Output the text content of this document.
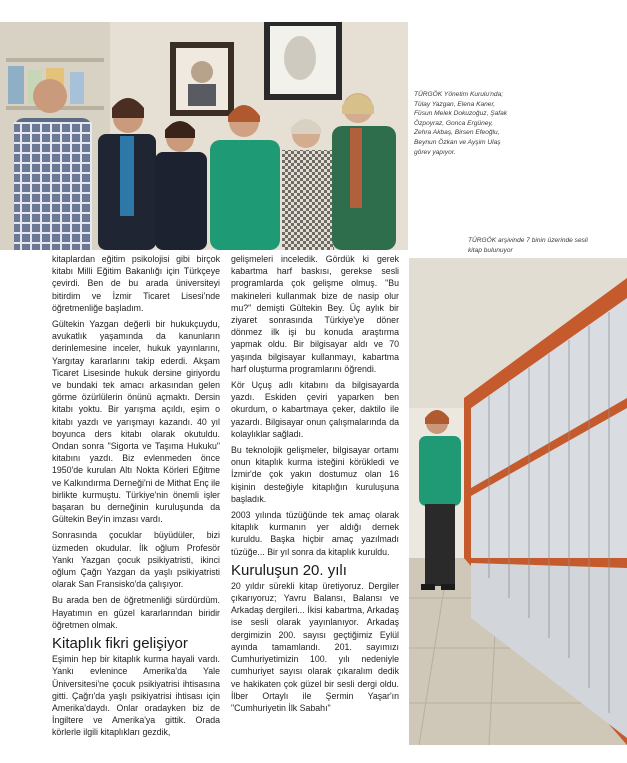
TÜRGÖK Yönetim Kurulu'nda; Tülay Yazgan, Elena Kaner, Füsun Melek Dokuzoğuz, Şafak Özpoyraz, Gonca Ergüney, Zehra Akbaş, Birsen Efeoğlu, Beynun Özkan ve Ayşim Ulaş görev yapıyor.
TÜRGÖK arşivinde 7 binin üzerinde sesli kitap bulunuyor

kitaplardan eğitim psikolojisi gibi birçok kitabı Milli Eğitim Bakanlığı için Türkçeye çevirdi. Ben de bu arada üniversiteyi bitirdim ve İzmir Ticaret Lisesi'nde öğretmenliğe başladım.

Gültekin Yazgan değerli bir hukukçuydu, avukatlık yaşamında da kanunların derinlemesine inceler, hukuk yayınlarını, Yargıtay kararlarını takip ederdi. Akşam Ticaret Lisesinde hukuk dersine giriyordu ve bundaki tek amacı arkasından gelen görme özürlülerin önünü açmaktı. Dersin kitabı yoktu. Bir yarışma açıldı, eşim o kitabı yazdı ve yarışmayı kazandı. 40 yıl boyunca ders kitabı olarak okutuldu. Ondan sonra "Sigorta ve Taşıma Hukuku" kitabını yazdı. Biz evlenmeden önce 1950'de kurulan Altı Nokta Körleri Eğitme ve Kalkındırma Derneği'ni de Mithat Enç ile birlikte kurmuştu. Türkiye'nin önemli işler başaran bu derneğinin kuruluşunda da Gültekin Bey'in imzası vardı.

Sonrasında çocuklar büyüdüler, bizi üzmeden okudular. İlk oğlum Profesör Yankı Yazgan çocuk psikiyatristi, ikinci oğlum Çağrı Yazgan da yaşlı psikiyatristi olarak San Fransisko'da çalışıyor.

Bu arada ben de öğretmenliği sürdürdüm. Hayatımın en güzel kararlarından biridir öğretmen olmak.

Kitaplık fikri gelişiyor

Eşimin hep bir kitaplık kurma hayali vardı. Yankı evlenince Amerika'da Yale Üniversitesi'ne çocuk psikiyatrisi ihtisasına gitti. Çağrı'da yaşlı psikiyatrisi ihtisası için Amerika'daydı. Onlar oradayken biz de İngiltere ve Amerika'ya gittik. Orada körlerle ilgili kitaplıkları gezdik,

gelişmeleri inceledik. Gördük ki gerek kabartma harf baskısı, gerekse sesli programlarda çok gelişme olmuş. "Bu makineleri kullanmak bize de nasip olur mu?" demişti Gültekin Bey. Üç aylık bir ziyaret sonrasında Türkiye'ye döner dönmez ilk işi bu konuda araştırma yapmak oldu. Bir bilgisayar aldı ve 70 yaşında bilgisayar kullanmayı, kabartma harf oluşturma programlarını öğrendi.

Kör Uçuş adlı kitabını da bilgisayarda yazdı. Eskiden çeviri yaparken ben okurdum, o kabartmaya çeker, daktilo ile yazardı. Bilgisayar onun çalışmalarında da kolaylıklar sağladı.

Bu teknolojik gelişmeler, bilgisayar ortamı onun kitaplık kurma isteğini körükledi ve İzmir'de çok yakın dostumuz olan 16 kişinin desteğiyle kitaplığın kuruluşuna başladık.

2003 yılında tüzüğünde tek amaç olarak kitaplık kurmanın yer aldığı dernek kuruldu. Başka hiçbir amaç yazılmadı tüzüğe... Bir yıl sonra da kitaplık kuruldu.

Kuruluşun 20. yılı

20 yıldır sürekli kitap üretiyoruz. Dergiler çıkarıyoruz; Yavru Balansı, Balansı ve Arkadaş dergileri... İkisi kabartma, Arkadaş ise sesli olarak yayınlanıyor. Arkadaş dergimizin 200. sayısı geçtiğimiz Eylül ayında tamamlandı. 201. sayımızı Cumhuriyetimizin 100. yılı nedeniyle cumhuriyet sayısı olarak çıkaralım dedik ve hakikaten çok güzel bir sesli dergi oldu. İlber Ortaylı ile Şermin Yaşar'ın "Cumhuriyetin İlk Sabahı"
